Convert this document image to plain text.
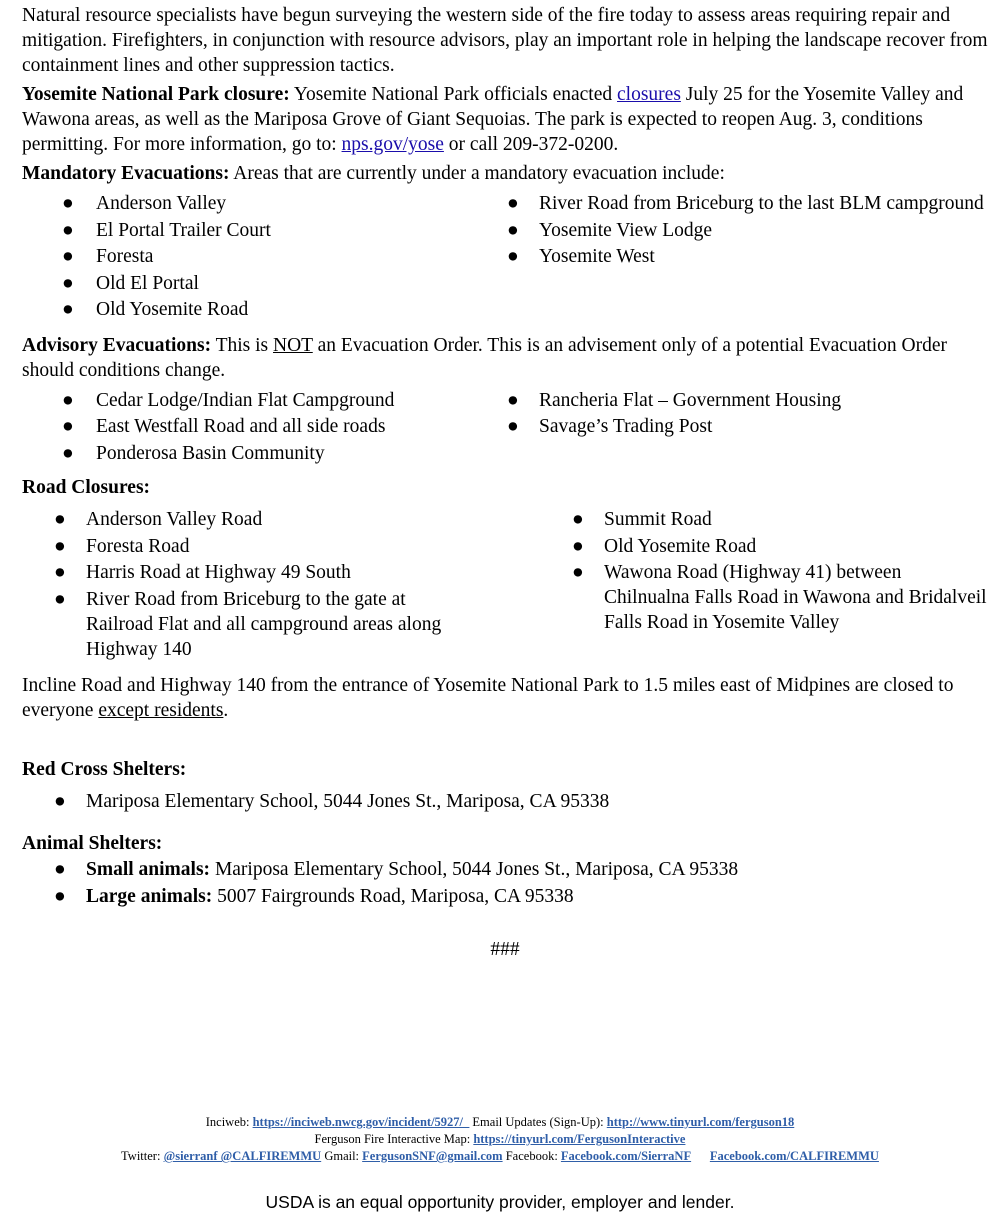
Natural resource specialists have begun surveying the western side of the fire today to assess areas requiring repair and mitigation. Firefighters, in conjunction with resource advisors, play an important role in helping the landscape recover from containment lines and other suppression tactics.

Yosemite National Park closure: Yosemite National Park officials enacted closures July 25 for the Yosemite Valley and Wawona areas, as well as the Mariposa Grove of Giant Sequoias. The park is expected to reopen Aug. 3, conditions permitting. For more information, go to: nps.gov/yose or call 209-372-0200.

Mandatory Evacuations: Areas that are currently under a mandatory evacuation include:

● Anderson Valley
● El Portal Trailer Court
● Foresta
● Old El Portal
● Old Yosemite Road
● River Road from Briceburg to the last BLM campground
● Yosemite View Lodge
● Yosemite West

Advisory Evacuations: This is NOT an Evacuation Order. This is an advisement only of a potential Evacuation Order should conditions change.

● Cedar Lodge/Indian Flat Campground
● East Westfall Road and all side roads
● Ponderosa Basin Community
● Rancheria Flat – Government Housing
● Savage’s Trading Post

Road Closures:

● Anderson Valley Road
● Foresta Road
● Harris Road at Highway 49 South
● River Road from Briceburg to the gate at Railroad Flat and all campground areas along Highway 140
● Summit Road
● Old Yosemite Road
● Wawona Road (Highway 41) between Chilnualna Falls Road in Wawona and Bridalveil Falls Road in Yosemite Valley

Incline Road and Highway 140 from the entrance of Yosemite National Park to 1.5 miles east of Midpines are closed to everyone except residents.

Red Cross Shelters:

● Mariposa Elementary School, 5044 Jones St., Mariposa, CA 95338

Animal Shelters:

● Small animals: Mariposa Elementary School, 5044 Jones St., Mariposa, CA 95338
● Large animals: 5007 Fairgrounds Road, Mariposa, CA 95338

###

Inciweb: https://inciweb.nwcg.gov/incident/5927/_ Email Updates (Sign-Up): http://www.tinyurl.com/ferguson18
Ferguson Fire Interactive Map: https://tinyurl.com/FergusonInteractive
Twitter: @sierranf @CALFIREMMU Gmail: FergusonSNF@gmail.com Facebook: Facebook.com/SierraNF Facebook.com/CALFIREMMU
USDA is an equal opportunity provider, employer and lender.
